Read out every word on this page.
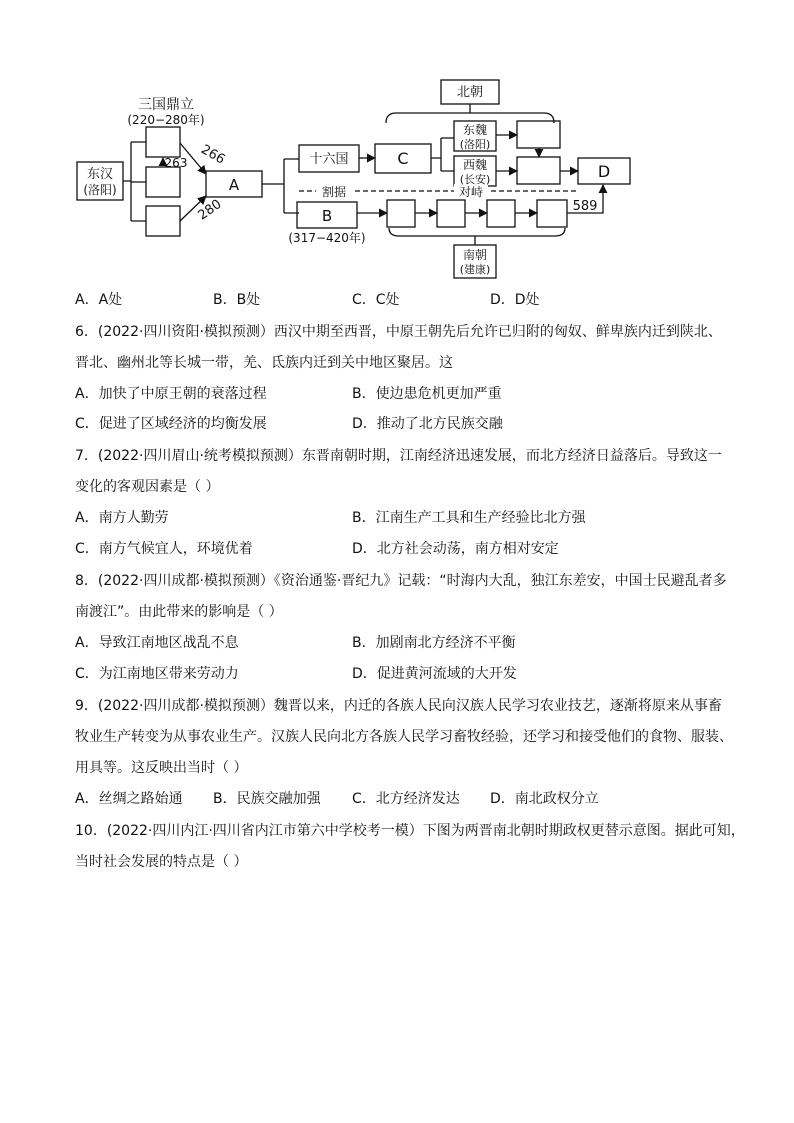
三国鼎立
(220−280年)
东汉
(洛阳)
263 266
280
A
十六国	C
北朝
东魏
(洛阳)
西魏
(长安)	D
割据	对峙
B
(317−420年)
589
南朝
(建康)
A．A处	B．B处	C．C处	D．D处
6．(2022·四川资阳·模拟预测）西汉中期至西晋，中原王朝先后允许已归附的匈奴、鲜卑族内迁到陕北、
晋北、幽州北等长城一带，羌、氐族内迁到关中地区聚居。这
A．加快了中原王朝的衰落过程	B．使边患危机更加严重
C．促进了区域经济的均衡发展	D．推动了北方民族交融
7．(2022·四川眉山·统考模拟预测）东晋南朝时期，江南经济迅速发展，而北方经济日益落后。导致这一
变化的客观因素是（ ）
A．南方人勤劳	B．江南生产工具和生产经验比北方强
C．南方气候宜人，环境优着	D．北方社会动荡，南方相对安定
8．(2022·四川成都·模拟预测）《资治通鉴·晋纪九》记载：“时海内大乱，独江东差安，中国士民避乱者多
南渡江”。由此带来的影响是（ ）
A．导致江南地区战乱不息	B．加剧南北方经济不平衡
C．为江南地区带来劳动力	D．促进黄河流域的大开发
9．(2022·四川成都·模拟预测）魏晋以来，内迁的各族人民向汉族人民学习农业技艺，逐渐将原来从事畜
牧业生产转变为从事农业生产。汉族人民向北方各族人民学习畜牧经验，还学习和接受他们的食物、服装、
用具等。这反映出当时（ ）
A．丝绸之路始通 B．民族交融加强 C．北方经济发达 D．南北政权分立
10．(2022·四川内江·四川省内江市第六中学校考一模）下图为两晋南北朝时期政权更替示意图。据此可知，
当时社会发展的特点是（ ）
